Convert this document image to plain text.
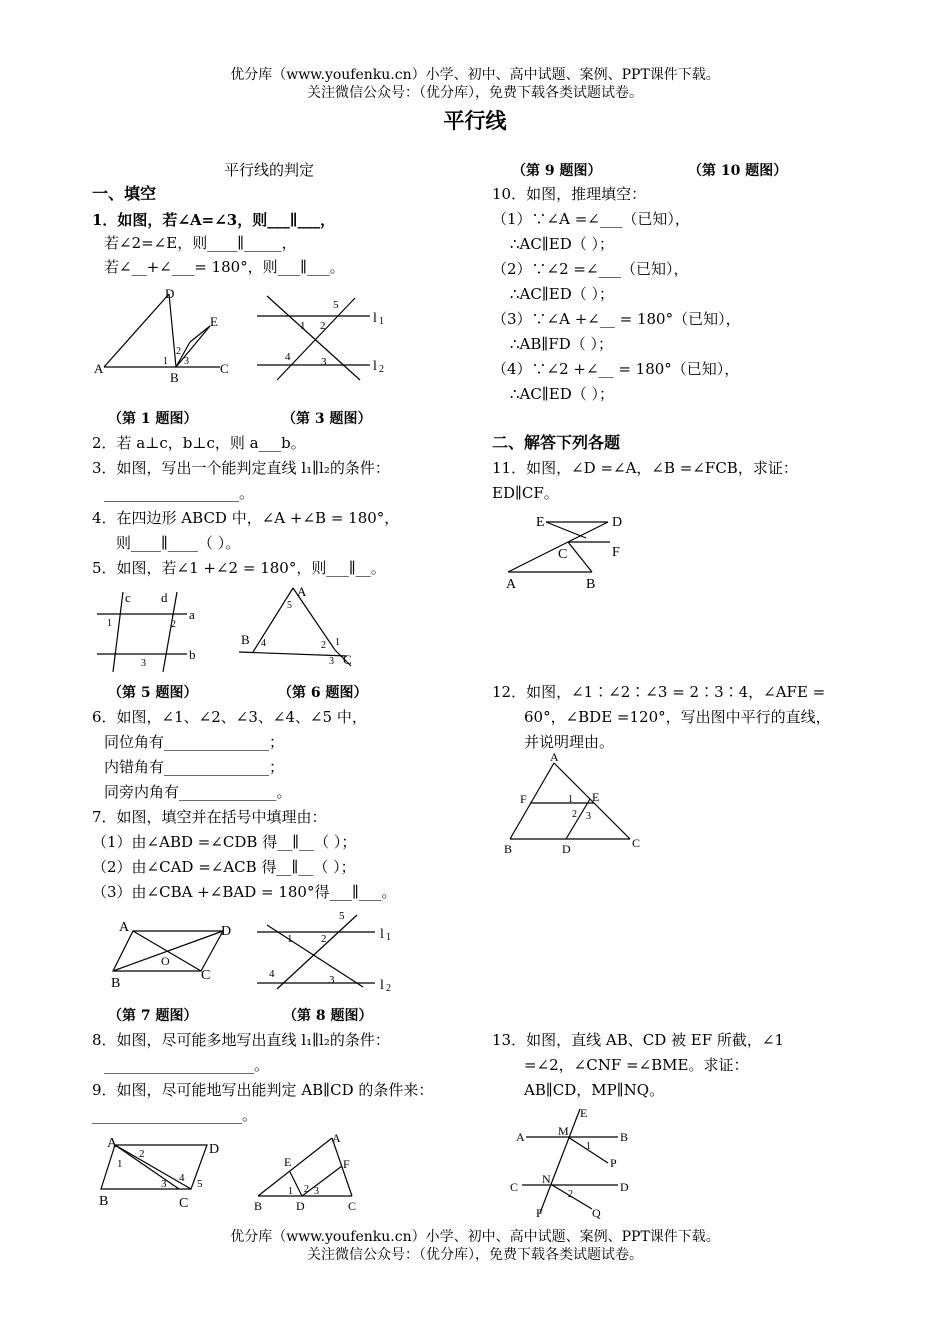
优分库（www.youfenku.cn）小学、初中、高中试题、案例、PPT课件下载。
关注微信公众号：（优分库），免费下载各类试题试卷。
平行线
平行线的判定
一、填空
1．如图，若∠A=∠3，则___∥___，
若∠2=∠E，则____∥_____，
若∠__+∠___= 180°，则___∥___。
D
E
A
B
C
1
2
3
l 1
l 2
1 2
5
4	3
（第 1 题图）	（第 3 题图）
2．若 a⊥c，b⊥c，则 a___b。
3．如图，写出一个能判定直线 l₁∥l₂的条件：
__________________。
4．在四边形 ABCD 中，∠A +∠B = 180°，
则____∥____（ ）。
5．如图，若∠1 +∠2 = 180°，则___∥__。
c d
a
b
1	2
3
A
B
C
5
4	2 1
3
（第 5 题图）	（第 6 题图）
6．如图，∠1、∠2、∠3、∠4、∠5 中，
同位角有______________；
内错角有______________；
同旁内角有_____________。
7．如图，填空并在括号中填理由：
（1）由∠ABD =∠CDB 得__∥__（ ）；
（2）由∠CAD =∠ACB 得__∥__（ ）；
（3）由∠CBA +∠BAD = 180°得___∥___。
A	D
B
C
O
l 1
l 2
1	2
5
4	3
（第 7 题图）	（第 8 题图）
8．如图，尽可能多地写出直线 l₁∥l₂的条件：
____________________。
9．如图，尽可能地写出能判定 AB∥CD 的条件来：
____________________。
A	D
B	C
1
2
3 4 5
A
E	F
B	D	C
1 2 3
（第 9 题图）	（第 10 题图）
10．如图，推理填空：
（1）∵∠A =∠___（已知），
∴AC∥ED（ ）；
（2）∵∠2 =∠___（已知），
∴AC∥ED（ ）；
（3）∵∠A +∠__ = 180°（已知），
∴AB∥FD（ ）；
（4）∵∠2 +∠__ = 180°（已知），
∴AC∥ED（ ）；
二、解答下列各题
11．如图，∠D =∠A，∠B =∠FCB，求证：
ED∥CF。
E	D
C	F
A	B
12．如图，∠1∶∠2∶∠3 = 2∶3∶4，∠AFE =
60°，∠BDE =120°，写出图中平行的直线，
并说明理由。
A
F	E
B	D	C
1
2 3
13．如图，直线 AB、CD 被 EF 所截，∠1
=∠2，∠CNF =∠BME。求证：
AB∥CD，MP∥NQ。
E
A	B
M
P
C	D
N
Q
F
1
2
优分库（www.youfenku.cn）小学、初中、高中试题、案例、PPT课件下载。
关注微信公众号：（优分库），免费下载各类试题试卷。
